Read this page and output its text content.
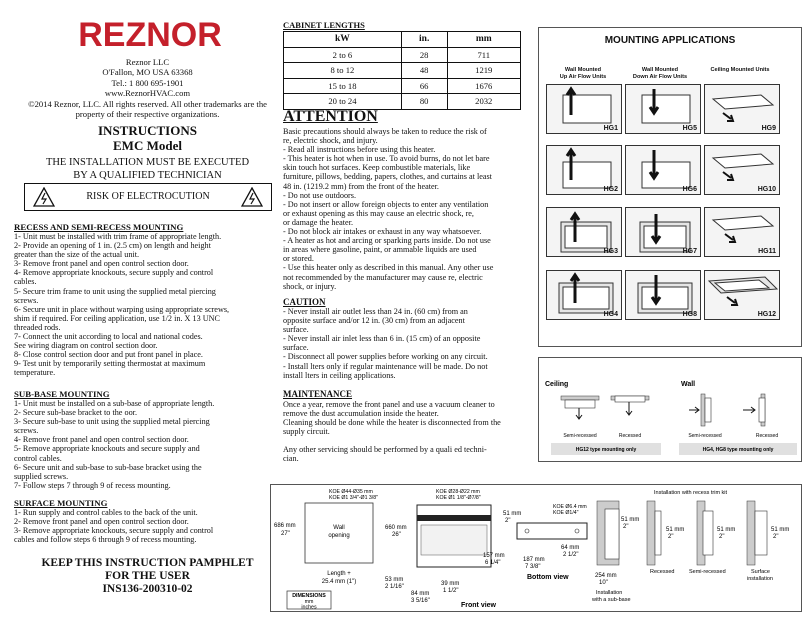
REZNOR
Reznor LLC
O'Fallon, MO USA 63368
Tel.: 1 800 695-1901
www.ReznorHVAC.com
©2014 Reznor, LLC. All rights reserved. All other trademarks are the
property of their respective organizations.
INSTRUCTIONS
EMC Model
THE INSTALLATION MUST BE EXECUTED
BY A QUALIFIED TECHNICIAN
RISK OF ELECTROCUTION
RECESS AND SEMI-RECESS MOUNTING
1- Unit must be installed with trim frame of appropriate length.
2- Provide an opening of 1 in. (2.5 cm) on length and height
greater than the size of the actual unit.
3- Remove front panel and open control section door.
4- Remove appropriate knockouts, secure supply and control
cables.
5- Secure trim frame to unit using the supplied metal piercing
screws.
6- Secure unit in place without warping using appropriate screws,
shim if required. For ceiling application, use 1/2 in. X 13 UNC
threaded rods.
7- Connect the unit according to local and national codes.
See wiring diagram on control section door.
8- Close control section door and put front panel in place.
9- Test unit by temporarily setting thermostat at maximum
temperature.
SUB-BASE MOUNTING
1- Unit must be installed on a sub-base of appropriate length.
2- Secure sub-base bracket to the oor.
3- Secure sub-base to unit using the supplied metal piercing
screws.
4- Remove front panel and open control section door.
5- Remove appropriate knockouts and secure supply and
control cables.
6- Secure unit and sub-base to sub-base bracket using the
supplied screws.
7- Follow steps 7 through 9 of recess mounting.
SURFACE MOUNTING
1- Run supply and control cables to the back of the unit.
2- Remove front panel and open control section door.
3- Remove appropriate knockouts, secure supply and control
cables and follow steps 6 through 9 of recess mounting.
KEEP THIS INSTRUCTION PAMPHLET
FOR THE USER
INS136-200310-02
CABINET LENGTHS
kW	in.	mm
2 to 6	28	711
8 to 12	48	1219
15 to 18	66	1676
20 to 24	80	2032
ATTENTION
Basic precautions should always be taken to reduce the risk of
re, electric shock, and injury.
- Read all instructions before using this heater.
- This heater is hot when in use. To avoid burns, do not let bare
skin touch hot surfaces. Keep combustible materials, like
furniture, pillows, bedding, papers, clothes, and curtains at least
48 in. (1219.2 mm) from the front of the heater.
- Do not use outdoors.
- Do not insert or allow foreign objects to enter any ventilation
or exhaust opening as this may cause an electric shock, re,
or damage the heater.
- Do not block air intakes or exhaust in any way whatsoever.
- A heater as hot and arcing or sparking parts inside. Do not use
in areas where gasoline, paint, or ammable liquids are used
or stored.
- Use this heater only as described in this manual. Any other use
not recommended by the manufacturer may cause re, electric
shock, or injury.
CAUTION
- Never install air outlet less than 24 in. (60 cm) from an
opposite surface and/or 12 in. (30 cm) from an adjacent
surface.
- Never install air inlet less than 6 in. (15 cm) of an opposite
surface.
- Disconnect all power supplies before working on any circuit.
- Install lters only if regular maintenance will be made. Do not
install lters in ceiling applications.
MAINTENANCE
Once a year, remove the front panel and use a vacuum cleaner to
remove the dust accumulation inside the heater.
Cleaning should be done while the heater is disconnected from the
supply circuit.
Any other servicing should be performed by a quali ed techni-
cian.
MOUNTING APPLICATIONS
Wall Mounted
Up Air Flow Units
Wall Mounted
Down Air Flow Units
Ceiling Mounted Units
HG1	HG5	HG9
HG2	HG6	HG10
HG3	HG7	HG11
HG4	HG8	HG12
Ceiling	Wall
Semi-recessed	Recessed
HG12 type mounting only
Semi-recessed	Recessed
HG4, HG8 type mounting only
Wall
opening
686 mm
27"
Length +
25.4 mm (1")
DIMENSIONS
mm
inches
KOE Ø44-Ø35 mm
KOE Ø1 3/4"-Ø1 3/8"
KOE Ø28-Ø22 mm
KOE Ø1 1/8"-Ø7/8"
660 mm
26"
53 mm
2 1/16"	39 mm
1 1/2"
84 mm
3 5/16"
Front view
51 mm
2"
KOE Ø6.4 mm
KOE Ø1/4"
64 mm
2 1/2"
157 mm
6 1/4"	187 mm
7 3/8"
Bottom view
Installation with recess trim kit
51 mm
2"
254 mm
10"
Installation
with a sub-base
51 mm
2"
Recessed
51 mm
2"
Semi-recessed
51 mm
2"
Surface
installation
